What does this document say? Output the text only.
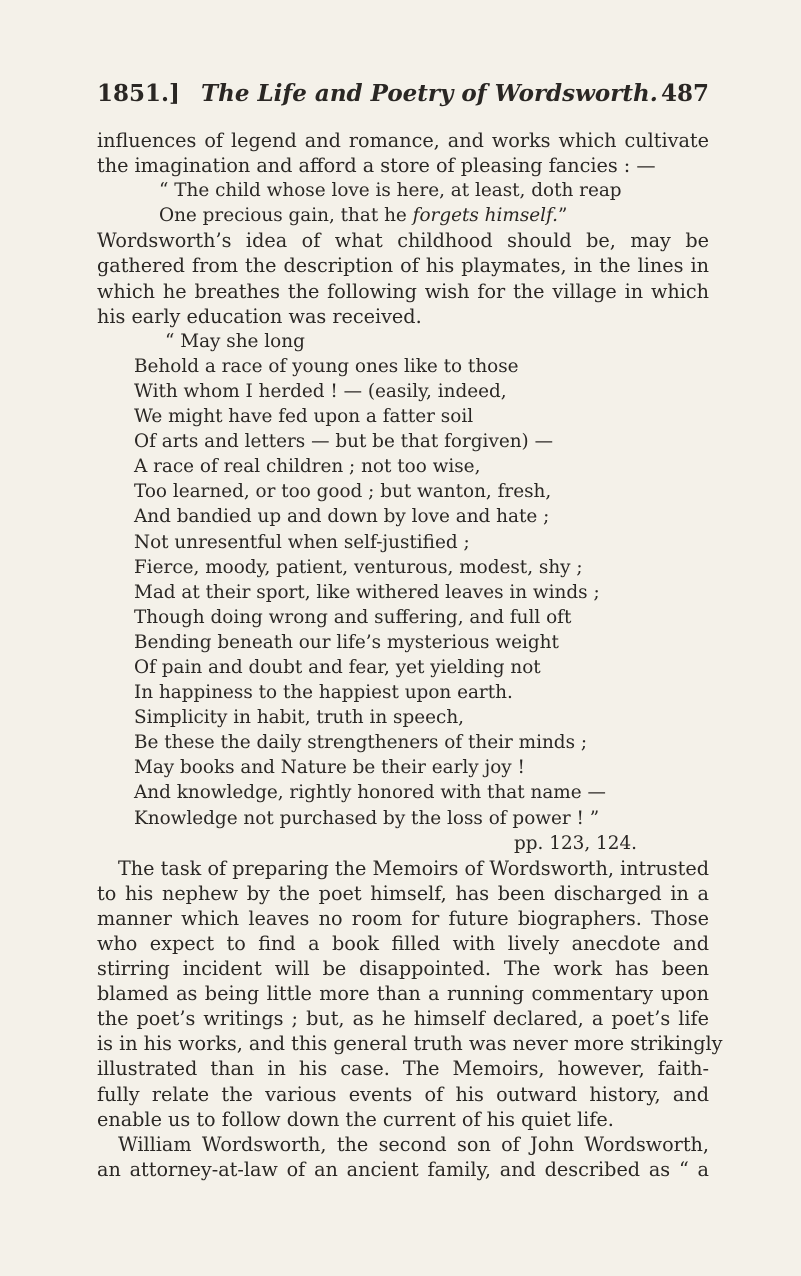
1851.] The Life and Poetry of Wordsworth. 487
influences of legend and romance, and works which cultivate
the imagination and afford a store of pleasing fancies : —
“ The child whose love is here, at least, doth reap
One precious gain, that he forgets himself.”
Wordsworth’s idea of what childhood should be, may be
gathered from the description of his playmates, in the lines in
which he breathes the following wish for the village in which
his early education was received.
“ May she long
Behold a race of young ones like to those
With whom I herded ! — (easily, indeed,
We might have fed upon a fatter soil
Of arts and letters — but be that forgiven) —
A race of real children ; not too wise,
Too learned, or too good ; but wanton, fresh,
And bandied up and down by love and hate ;
Not unresentful when self-justified ;
Fierce, moody, patient, venturous, modest, shy ;
Mad at their sport, like withered leaves in winds ;
Though doing wrong and suffering, and full oft
Bending beneath our life’s mysterious weight
Of pain and doubt and fear, yet yielding not
In happiness to the happiest upon earth.
Simplicity in habit, truth in speech,
Be these the daily strengtheners of their minds ;
May books and Nature be their early joy !
And knowledge, rightly honored with that name —
Knowledge not purchased by the loss of power ! ”
pp. 123, 124.
The task of preparing the Memoirs of Wordsworth, intrusted
to his nephew by the poet himself, has been discharged in a
manner which leaves no room for future biographers. Those
who expect to find a book filled with lively anecdote and
stirring incident will be disappointed. The work has been
blamed as being little more than a running commentary upon
the poet’s writings ; but, as he himself declared, a poet’s life
is in his works, and this general truth was never more strikingly
illustrated than in his case. The Memoirs, however, faith-
fully relate the various events of his outward history, and
enable us to follow down the current of his quiet life.
William Wordsworth, the second son of John Wordsworth,
an attorney-at-law of an ancient family, and described as “ a
